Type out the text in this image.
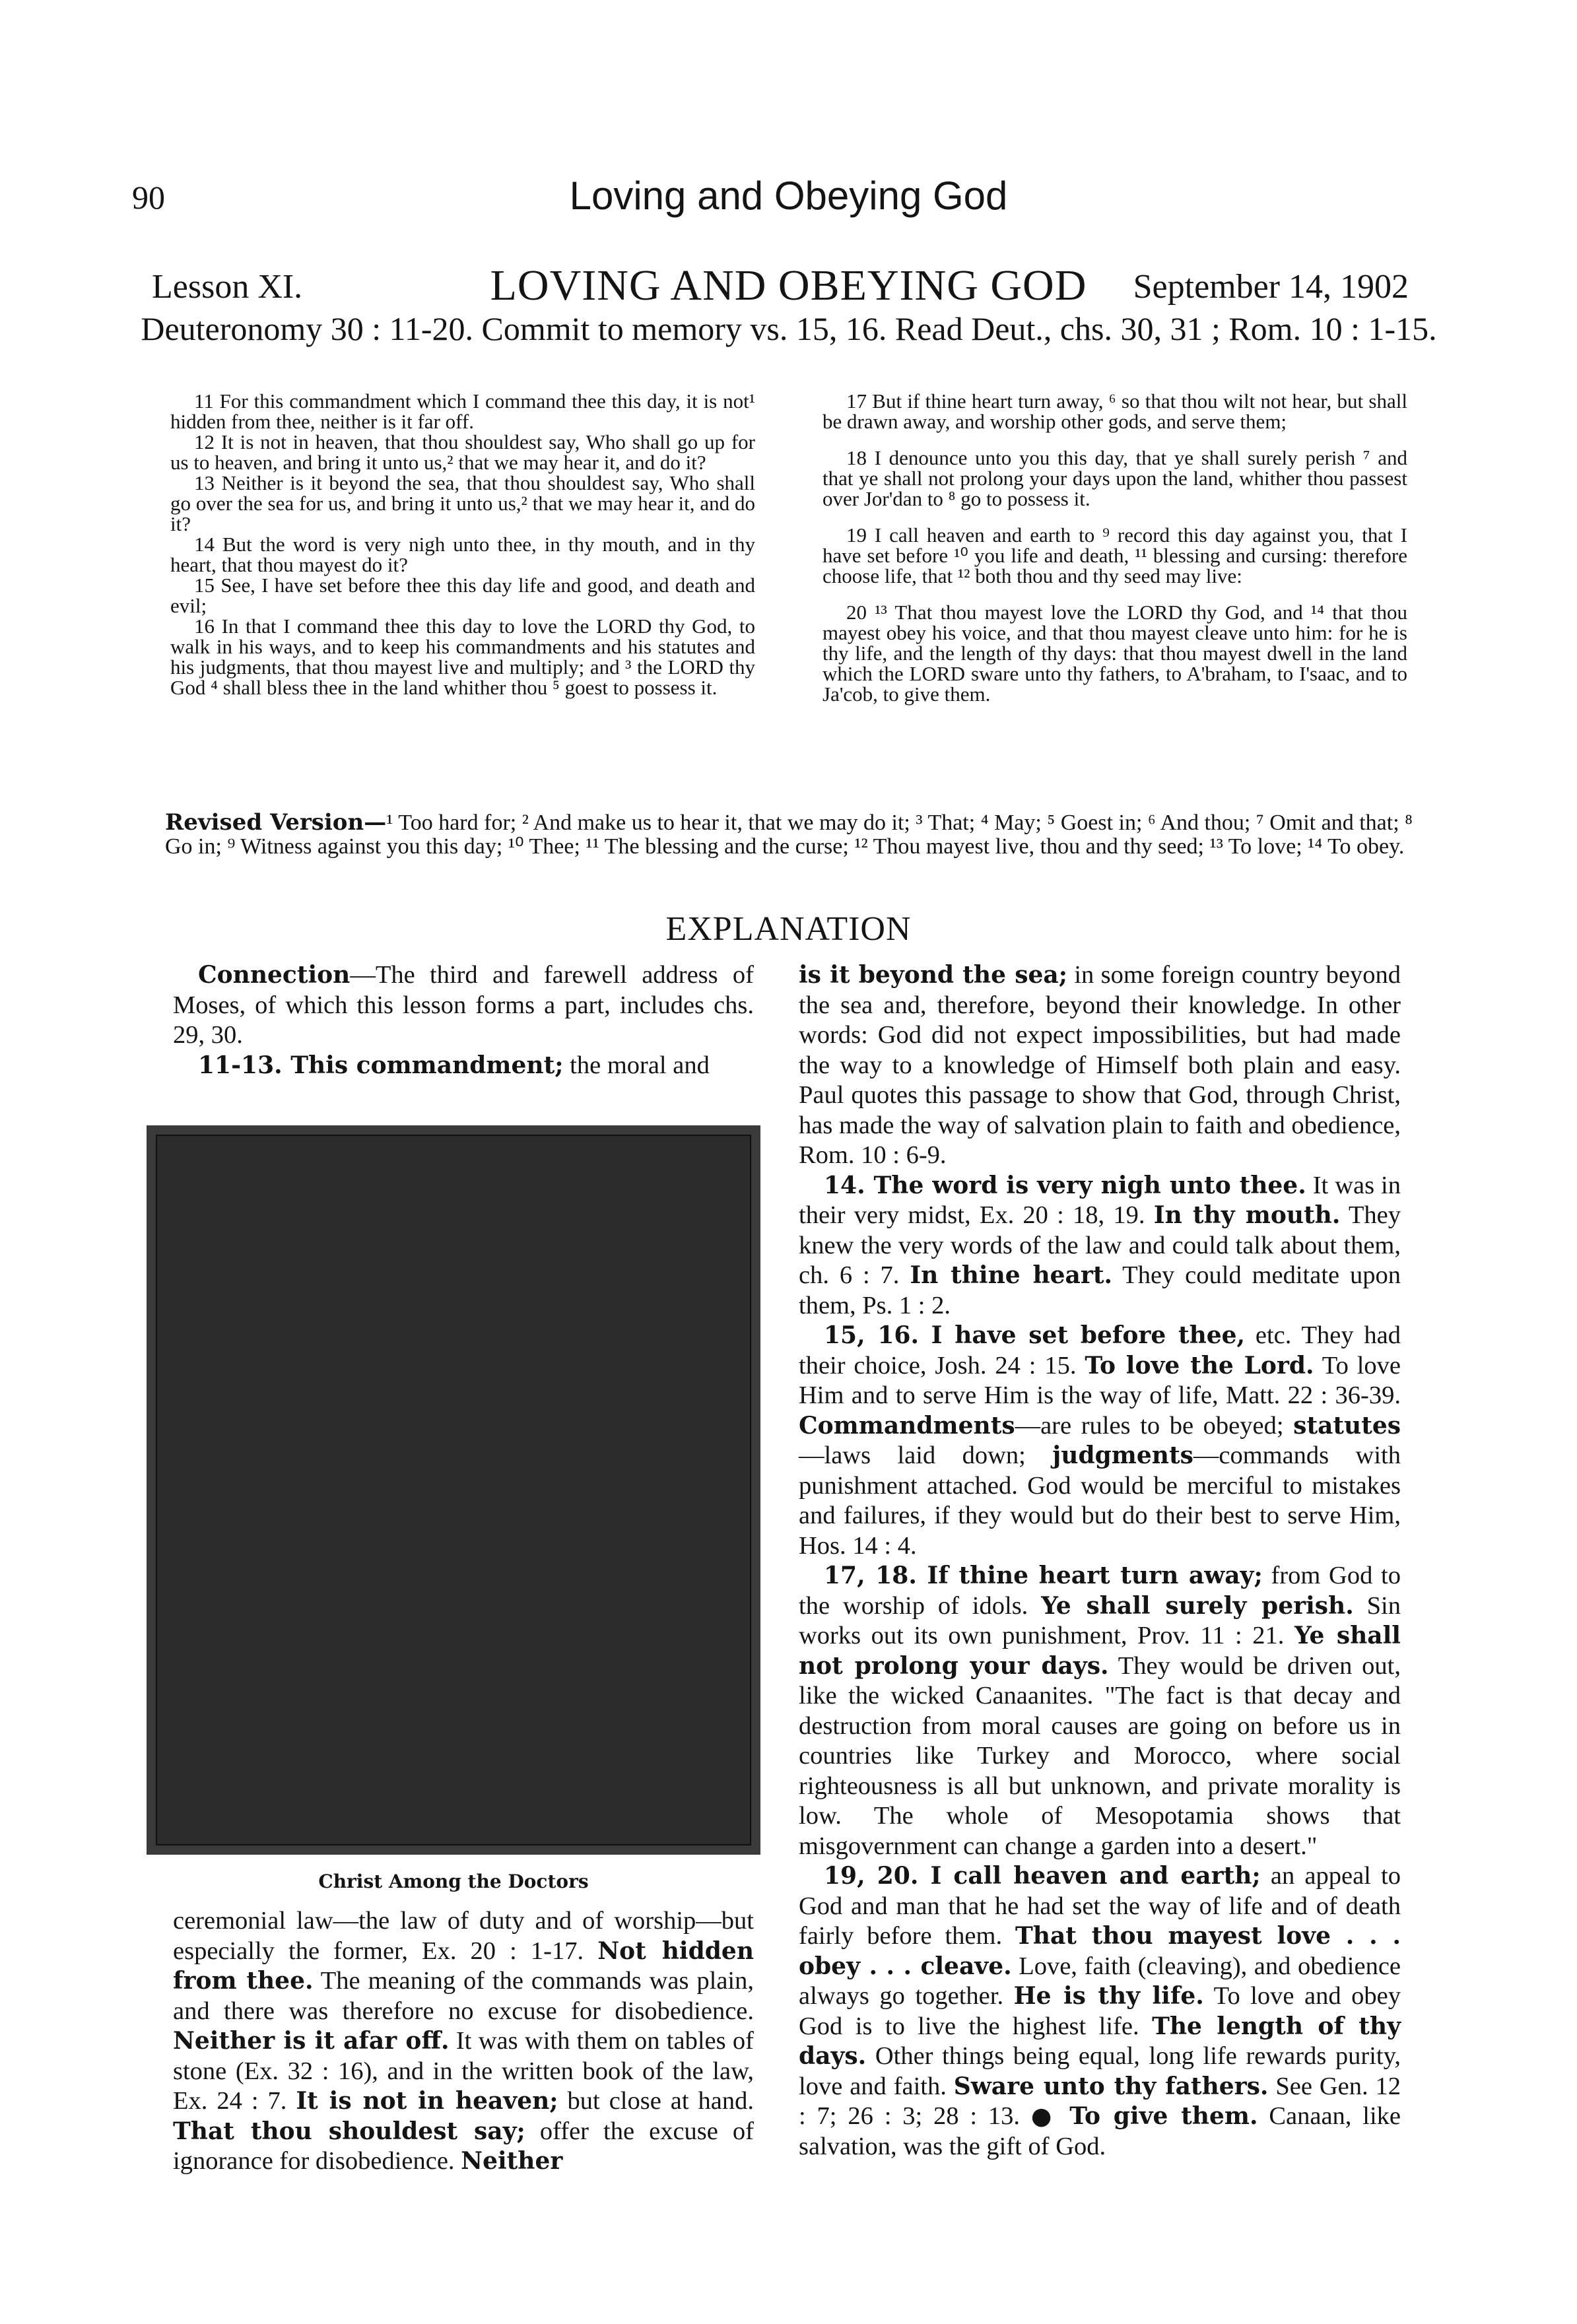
90	Loving and Obeying God
Lesson XI.	LOVING AND OBEYING GOD	September 14, 1902
Deuteronomy 30 : 11-20. Commit to memory vs. 15, 16. Read Deut., chs. 30, 31 ; Rom. 10 : 1-15.

11 For this commandment which I command thee this day, it is not¹ hidden from thee, neither is it far off.

12 It is not in heaven, that thou shouldest say, Who shall go up for us to heaven, and bring it unto us,² that we may hear it, and do it?

13 Neither is it beyond the sea, that thou shouldest say, Who shall go over the sea for us, and bring it unto us,² that we may hear it, and do it?

14 But the word is very nigh unto thee, in thy mouth, and in thy heart, that thou mayest do it?

15 See, I have set before thee this day life and good, and death and evil;

16 In that I command thee this day to love the LORD thy God, to walk in his ways, and to keep his commandments and his statutes and his judgments, that thou mayest live and multiply; and ³ the LORD thy God ⁴ shall bless thee in the land whither thou ⁵ goest to possess it.

17 But if thine heart turn away, ⁶ so that thou wilt not hear, but shall be drawn away, and worship other gods, and serve them;

18 I denounce unto you this day, that ye shall surely perish ⁷ and that ye shall not prolong your days upon the land, whither thou passest over Jor'dan to ⁸ go to possess it.

19 I call heaven and earth to ⁹ record this day against you, that I have set before ¹⁰ you life and death, ¹¹ blessing and cursing: therefore choose life, that ¹² both thou and thy seed may live:

20 ¹³ That thou mayest love the LORD thy God, and ¹⁴ that thou mayest obey his voice, and that thou mayest cleave unto him: for he is thy life, and the length of thy days: that thou mayest dwell in the land which the LORD sware unto thy fathers, to A'braham, to I'saac, and to Ja'cob, to give them.

Revised Version—¹ Too hard for; ² And make us to hear it, that we may do it; ³ That; ⁴ May; ⁵ Goest in; ⁶ And thou; ⁷ Omit and that; ⁸ Go in; ⁹ Witness against you this day; ¹⁰ Thee; ¹¹ The blessing and the curse; ¹² Thou mayest live, thou and thy seed; ¹³ To love; ¹⁴ To obey.
EXPLANATION

Connection—The third and farewell address of Moses, of which this lesson forms a part, includes chs. 29, 30.

11-13. This commandment; the moral and

Christ Among the Doctors

ceremonial law—the law of duty and of worship—but especially the former, Ex. 20 : 1-17. Not hidden from thee. The meaning of the commands was plain, and there was therefore no excuse for disobedience. Neither is it afar off. It was with them on tables of stone (Ex. 32 : 16), and in the written book of the law, Ex. 24 : 7. It is not in heaven; but close at hand. That thou shouldest say; offer the excuse of ignorance for disobedience. Neither

is it beyond the sea; in some foreign country beyond the sea and, therefore, beyond their knowledge. In other words: God did not expect impossibilities, but had made the way to a knowledge of Himself both plain and easy. Paul quotes this passage to show that God, through Christ, has made the way of salvation plain to faith and obedience, Rom. 10 : 6-9.

14. The word is very nigh unto thee. It was in their very midst, Ex. 20 : 18, 19. In thy mouth. They knew the very words of the law and could talk about them, ch. 6 : 7. In thine heart. They could meditate upon them, Ps. 1 : 2.

15, 16. I have set before thee, etc. They had their choice, Josh. 24 : 15. To love the Lord. To love Him and to serve Him is the way of life, Matt. 22 : 36-39. Commandments—are rules to be obeyed; statutes—laws laid down; judgments—commands with punishment attached. God would be merciful to mistakes and failures, if they would but do their best to serve Him, Hos. 14 : 4.

17, 18. If thine heart turn away; from God to the worship of idols. Ye shall surely perish. Sin works out its own punishment, Prov. 11 : 21. Ye shall not prolong your days. They would be driven out, like the wicked Canaanites. "The fact is that decay and destruction from moral causes are going on before us in countries like Turkey and Morocco, where social righteousness is all but unknown, and private morality is low. The whole of Mesopotamia shows that misgovernment can change a garden into a desert."

19, 20. I call heaven and earth; an appeal to God and man that he had set the way of life and of death fairly before them. That thou mayest love . . . obey . . . cleave. Love, faith (cleaving), and obedience always go together. He is thy life. To love and obey God is to live the highest life. The length of thy days. Other things being equal, long life rewards purity, love and faith. Sware unto thy fathers. See Gen. 12 : 7; 26 : 3; 28 : 13. ● To give them. Canaan, like salvation, was the gift of God.
